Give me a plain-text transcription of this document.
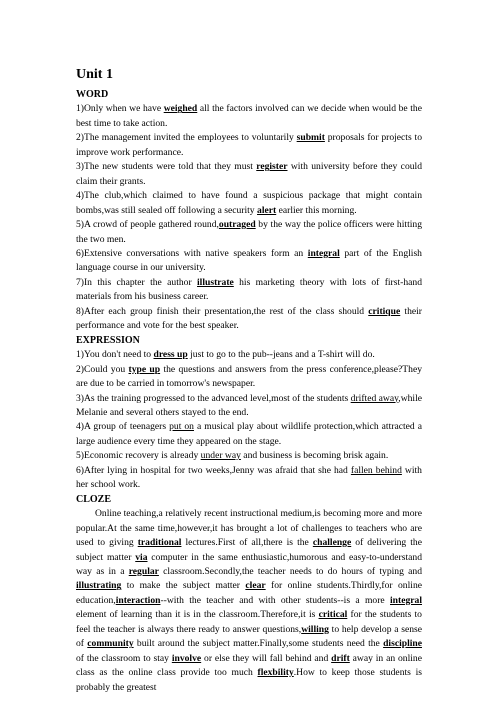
Unit 1
WORD

1)Only when we have weighed all the factors involved can we decide when would be the best time to take action.

2)The management invited the employees to voluntarily submit proposals for projects to improve work performance.

3)The new students were told that they must register with university before they could claim their grants.

4)The club,which claimed to have found a suspicious package that might contain bombs,was still sealed off following a security alert earlier this morning.

5)A crowd of people gathered round,outraged by the way the police officers were hitting the two men.

6)Extensive conversations with native speakers form an integral part of the English language course in our university.

7)In this chapter the author illustrate his marketing theory with lots of first-hand materials from his business career.

8)After each group finish their presentation,the rest of the class should critique their performance and vote for the best speaker.

EXPRESSION

1)You don't need to dress up just to go to the pub--jeans and a T-shirt will do.

2)Could you type up the questions and answers from the press conference,please?They are due to be carried in tomorrow's newspaper.

3)As the training progressed to the advanced level,most of the students drifted away,while Melanie and several others stayed to the end.

4)A group of teenagers put on a musical play about wildlife protection,which attracted a large audience every time they appeared on the stage.

5)Economic recovery is already under way and business is becoming brisk again.

6)After lying in hospital for two weeks,Jenny was afraid that she had fallen behind with her school work.

CLOZE

Online teaching,a relatively recent instructional medium,is becoming more and more popular.At the same time,however,it has brought a lot of challenges to teachers who are used to giving traditional lectures.First of all,there is the challenge of delivering the subject matter via computer in the same enthusiastic,humorous and easy-to-understand way as in a regular classroom.Secondly,the teacher needs to do hours of typing and illustrating to make the subject matter clear for online students.Thirdly,for online education,interaction--with the teacher and with other students--is a more integral element of learning than it is in the classroom.Therefore,it is critical for the students to feel the teacher is always there ready to answer questions,willing to help develop a sense of community built around the subject matter.Finally,some students need the discipline of the classroom to stay involve or else they will fall behind and drift away in an online class as the online class provide too much flexbility.How to keep those students is probably the greatest
